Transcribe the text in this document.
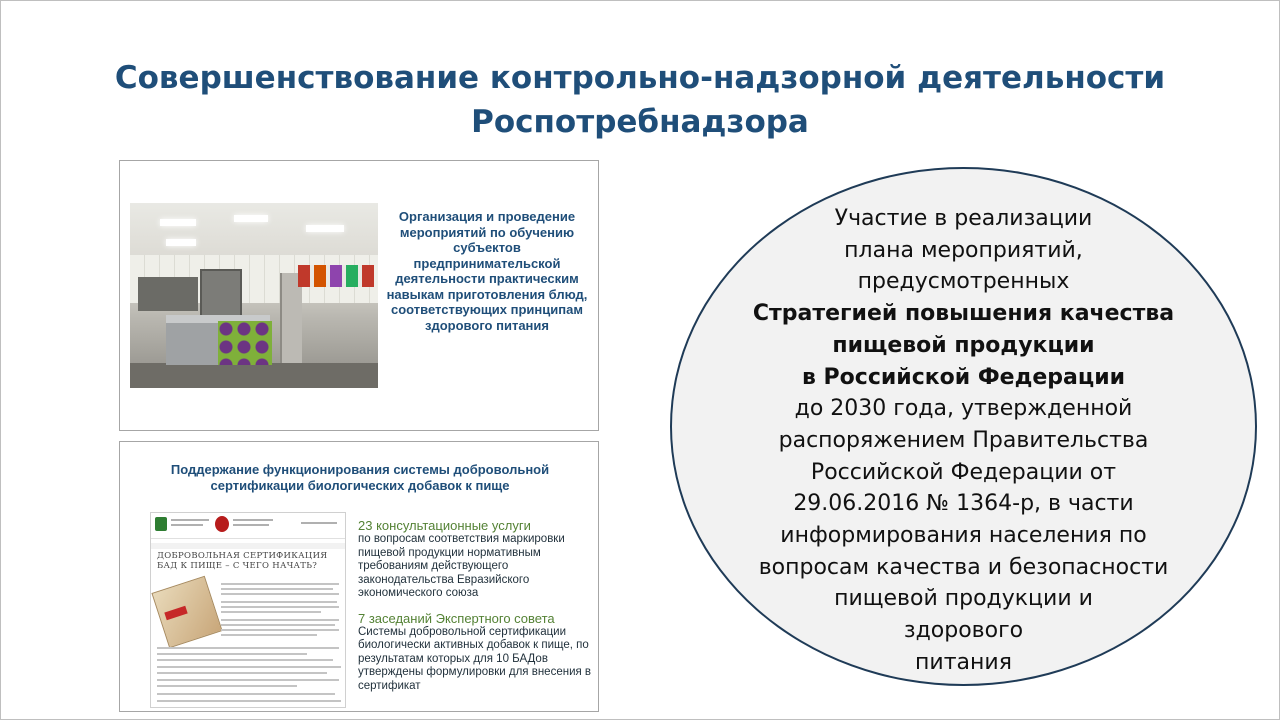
Совершенствование контрольно-надзорной деятельности
Роспотребнадзора
Организация и проведение мероприятий по обучению субъектов предпринимательской деятельности практическим навыкам приготовления блюд, соответствующих принципам здорового питания
Поддержание функционирования системы добровольной
сертификации биологических добавок к пище
ДОБРОВОЛЬНАЯ СЕРТИФИКАЦИЯ БАД К ПИЩЕ – С ЧЕГО НАЧАТЬ?
23 консультационные услуги
по вопросам соответствия маркировки пищевой продукции нормативным требованиям действующего законодательства Евразийского экономического союза
7 заседаний Экспертного совета
Системы добровольной сертификации биологически активных добавок к пище, по результатам которых для 10 БАДов утверждены формулировки для внесения в сертификат
Участие в реализации
плана мероприятий,
предусмотренных
Стратегией повышения качества
пищевой продукции
в Российской Федерации
до 2030 года, утвержденной
распоряжением Правительства
Российской Федерации от
29.06.2016 № 1364-р, в части
информирования населения по
вопросам качества и безопасности
пищевой продукции и
здорового
питания
